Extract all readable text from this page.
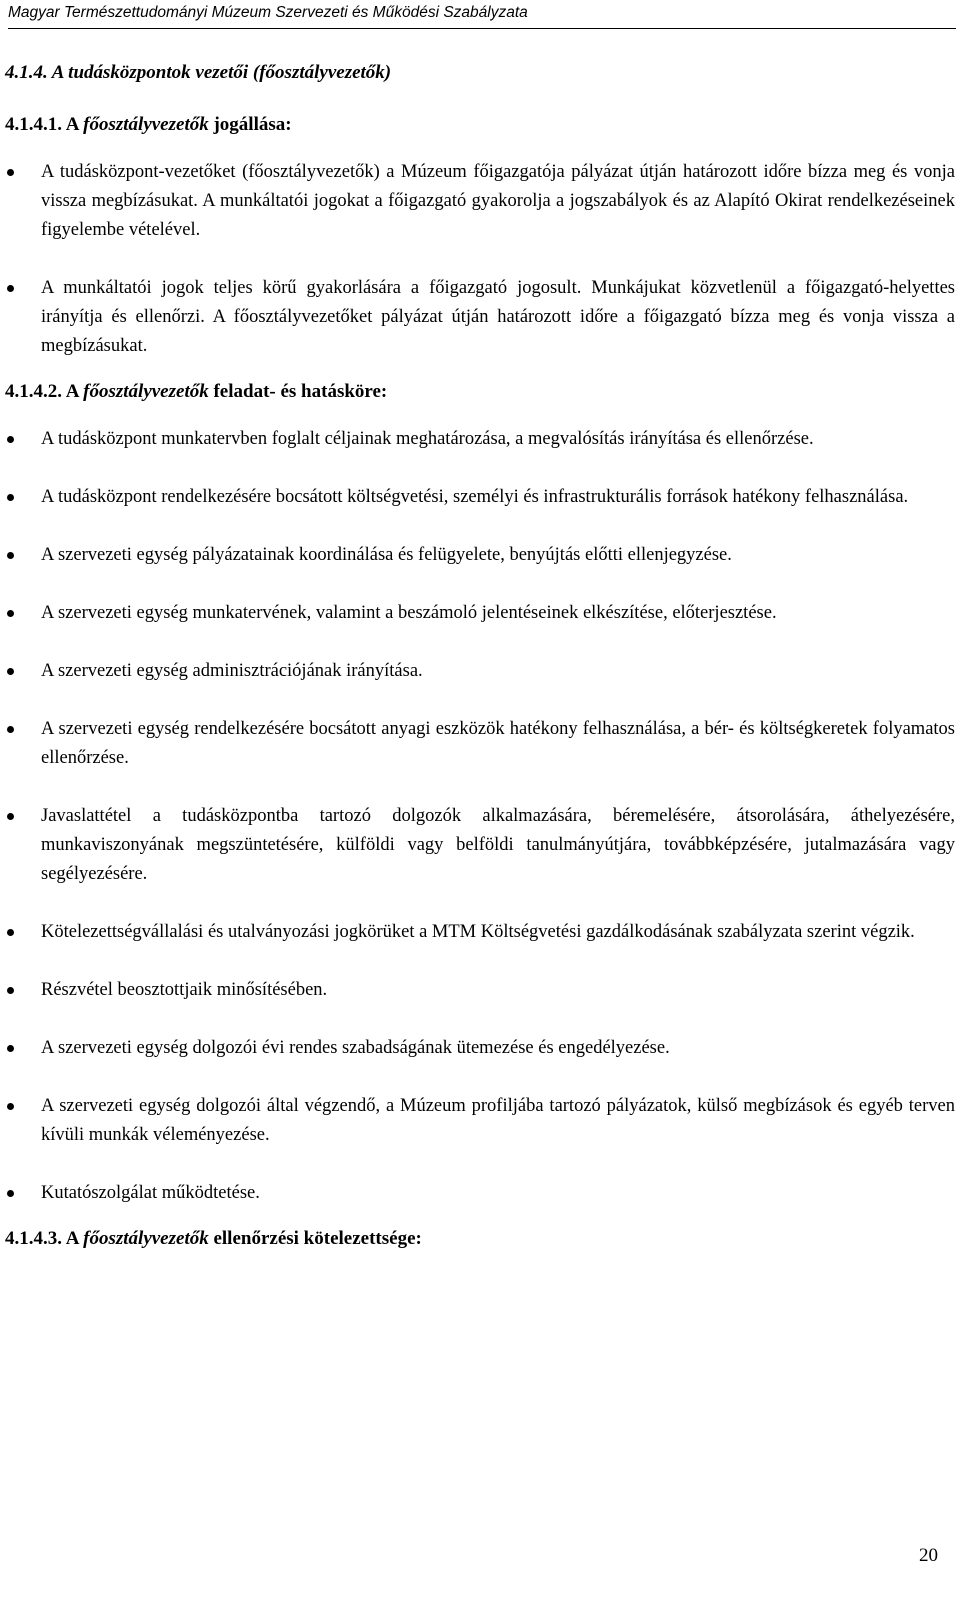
Magyar Természettudományi Múzeum Szervezeti és Működési Szabályzata
4.1.4. A tudásközpontok vezetői (főosztályvezetők)
4.1.4.1. A főosztályvezetők jogállása:
A tudásközpont-vezetőket (főosztályvezetők) a Múzeum főigazgatója pályázat útján határozott időre bízza meg és vonja vissza megbízásukat. A munkáltatói jogokat a főigazgató gyakorolja a jogszabályok és az Alapító Okirat rendelkezéseinek figyelembe vételével.
A munkáltatói jogok teljes körű gyakorlására a főigazgató jogosult. Munkájukat közvetlenül a főigazgató-helyettes irányítja és ellenőrzi. A főosztályvezetőket pályázat útján határozott időre a főigazgató bízza meg és vonja vissza a megbízásukat.
4.1.4.2. A főosztályvezetők feladat- és hatásköre:
A tudásközpont munkatervben foglalt céljainak meghatározása, a megvalósítás irányítása és ellenőrzése.
A tudásközpont rendelkezésére bocsátott költségvetési, személyi és infrastrukturális források hatékony felhasználása.
A szervezeti egység pályázatainak koordinálása és felügyelete, benyújtás előtti ellenjegyzése.
A szervezeti egység munkatervének, valamint a beszámoló jelentéseinek elkészítése, előterjesztése.
A szervezeti egység adminisztrációjának irányítása.
A szervezeti egység rendelkezésére bocsátott anyagi eszközök hatékony felhasználása, a bér- és költségkeretek folyamatos ellenőrzése.
Javaslattétel a tudásközpontba tartozó dolgozók alkalmazására, béremelésére, átsorolására, áthelyezésére, munkaviszonyának megszüntetésére, külföldi vagy belföldi tanulmányútjára, továbbképzésére, jutalmazására vagy segélyezésére.
Kötelezettségvállalási és utalványozási jogkörüket a MTM Költségvetési gazdálkodásának szabályzata szerint végzik.
Részvétel beosztottjaik minősítésében.
A szervezeti egység dolgozói évi rendes szabadságának ütemezése és engedélyezése.
A szervezeti egység dolgozói által végzendő, a Múzeum profiljába tartozó pályázatok, külső megbízások és egyéb terven kívüli munkák véleményezése.
Kutatószolgálat működtetése.
4.1.4.3. A főosztályvezetők ellenőrzési kötelezettsége:
20
